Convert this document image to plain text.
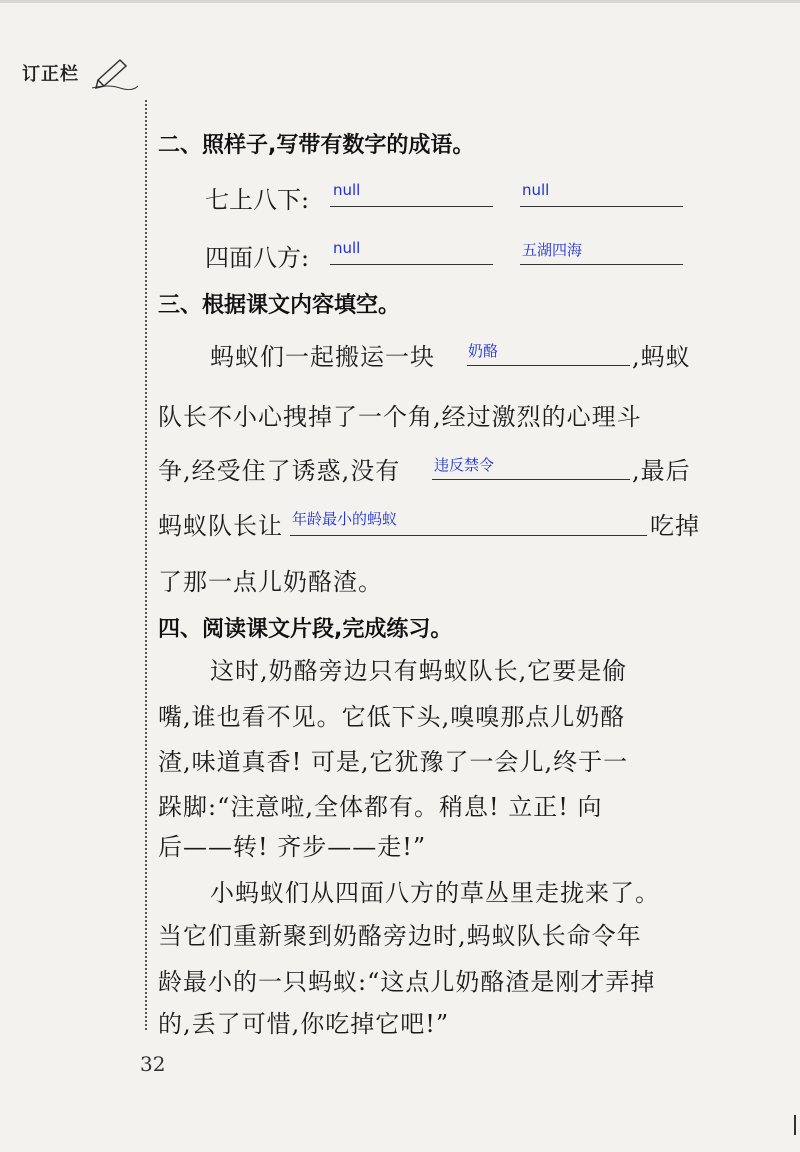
订正栏
二、照样子,写带有数字的成语。
七上八下: null	null
四面八方: null	五湖四海
三、根据课文内容填空。
蚂蚁们一起搬运一块 奶酪	,蚂蚁
队长不小心拽掉了一个角,经过激烈的心理斗
争,经受住了诱惑,没有 违反禁令	,最后
蚂蚁队长让 年龄最小的蚂蚁	吃掉
了那一点儿奶酪渣。
四、阅读课文片段,完成练习。
这时,奶酪旁边只有蚂蚁队长,它要是偷
嘴,谁也看不见。它低下头,嗅嗅那点儿奶酪
渣,味道真香! 可是,它犹豫了一会儿,终于一
跺脚:“注意啦,全体都有。稍息! 立正! 向
后——转! 齐步——走!”
小蚂蚁们从四面八方的草丛里走拢来了。
当它们重新聚到奶酪旁边时,蚂蚁队长命令年
龄最小的一只蚂蚁:“这点儿奶酪渣是刚才弄掉
的,丢了可惜,你吃掉它吧!”
32
